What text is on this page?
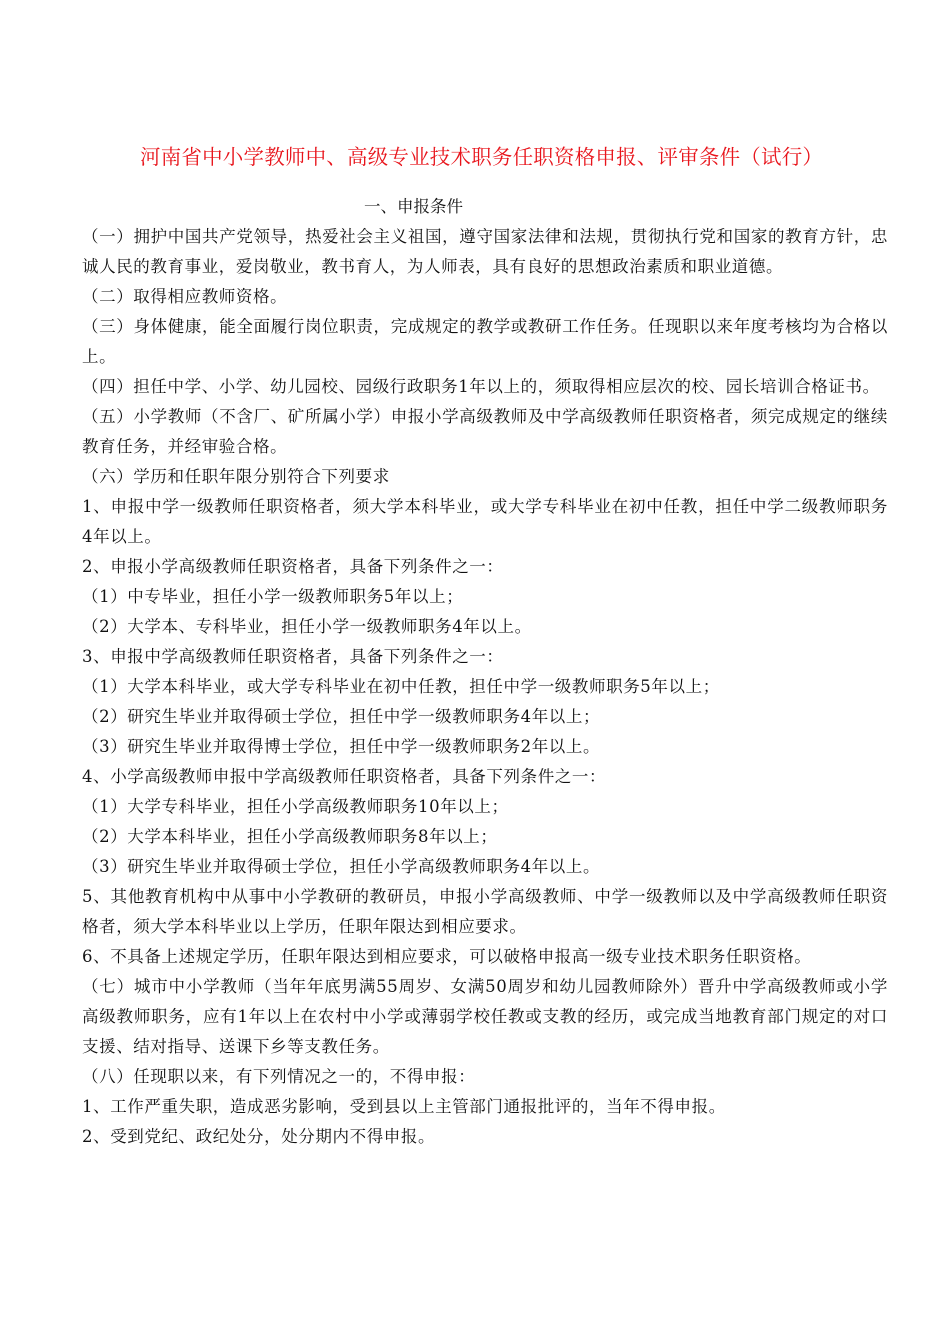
河南省中小学教师中、高级专业技术职务任职资格申报、评审条件（试行）
一、申报条件

（一）拥护中国共产党领导，热爱社会主义祖国，遵守国家法律和法规，贯彻执行党和国家的教育方针，忠诚人民的教育事业，爱岗敬业，教书育人，为人师表，具有良好的思想政治素质和职业道德。

（二）取得相应教师资格。

（三）身体健康，能全面履行岗位职责，完成规定的教学或教研工作任务。任现职以来年度考核均为合格以上。

（四）担任中学、小学、幼儿园校、园级行政职务1年以上的，须取得相应层次的校、园长培训合格证书。

（五）小学教师（不含厂、矿所属小学）申报小学高级教师及中学高级教师任职资格者，须完成规定的继续教育任务，并经审验合格。

（六）学历和任职年限分别符合下列要求

1、申报中学一级教师任职资格者，须大学本科毕业，或大学专科毕业在初中任教，担任中学二级教师职务4年以上。

2、申报小学高级教师任职资格者，具备下列条件之一：

（1）中专毕业，担任小学一级教师职务5年以上；

（2）大学本、专科毕业，担任小学一级教师职务4年以上。

3、申报中学高级教师任职资格者，具备下列条件之一：

（1）大学本科毕业，或大学专科毕业在初中任教，担任中学一级教师职务5年以上；

（2）研究生毕业并取得硕士学位，担任中学一级教师职务4年以上；

（3）研究生毕业并取得博士学位，担任中学一级教师职务2年以上。

4、小学高级教师申报中学高级教师任职资格者，具备下列条件之一：

（1）大学专科毕业，担任小学高级教师职务10年以上；

（2）大学本科毕业，担任小学高级教师职务8年以上；

（3）研究生毕业并取得硕士学位，担任小学高级教师职务4年以上。

5、其他教育机构中从事中小学教研的教研员，申报小学高级教师、中学一级教师以及中学高级教师任职资格者，须大学本科毕业以上学历，任职年限达到相应要求。

6、不具备上述规定学历，任职年限达到相应要求，可以破格申报高一级专业技术职务任职资格。

（七）城市中小学教师（当年年底男满55周岁、女满50周岁和幼儿园教师除外）晋升中学高级教师或小学高级教师职务，应有1年以上在农村中小学或薄弱学校任教或支教的经历，或完成当地教育部门规定的对口支援、结对指导、送课下乡等支教任务。

（八）任现职以来，有下列情况之一的，不得申报：

1、工作严重失职，造成恶劣影响，受到县以上主管部门通报批评的，当年不得申报。

2、受到党纪、政纪处分，处分期内不得申报。
